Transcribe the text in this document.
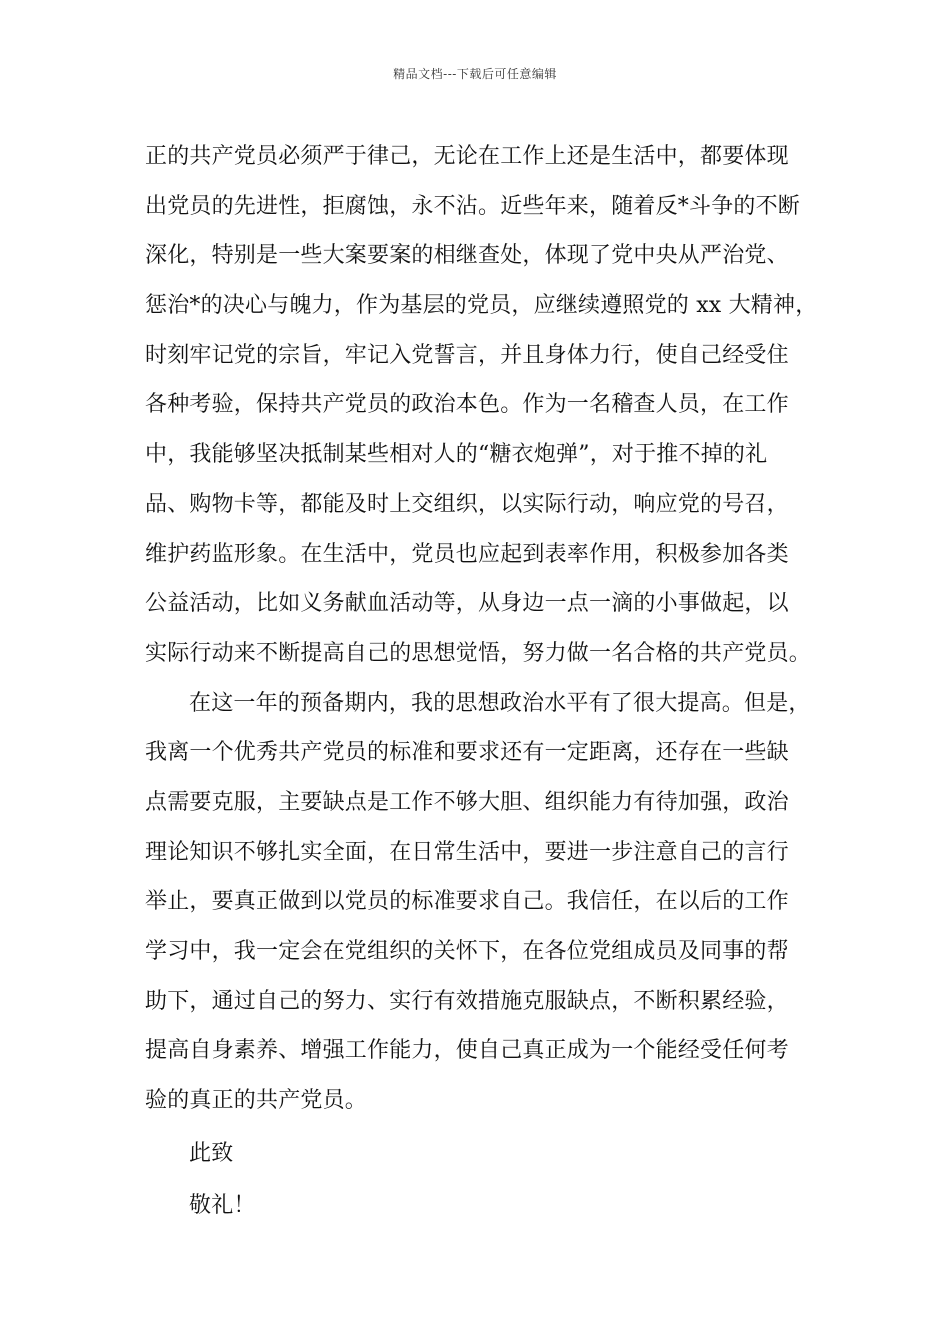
精品文档---下载后可任意编辑
正的共产党员必须严于律己，无论在工作上还是生活中，都要体现
出党员的先进性，拒腐蚀，永不沾。近些年来，随着反*斗争的不断
深化，特别是一些大案要案的相继查处，体现了党中央从严治党、
惩治*的决心与魄力，作为基层的党员，应继续遵照党的 xx 大精神，
时刻牢记党的宗旨，牢记入党誓言，并且身体力行，使自己经受住
各种考验，保持共产党员的政治本色。作为一名稽查人员，在工作
中，我能够坚决抵制某些相对人的“糖衣炮弹”，对于推不掉的礼
品、购物卡等，都能及时上交组织，以实际行动，响应党的号召，
维护药监形象。在生活中，党员也应起到表率作用，积极参加各类
公益活动，比如义务献血活动等，从身边一点一滴的小事做起，以
实际行动来不断提高自己的思想觉悟，努力做一名合格的共产党员。
在这一年的预备期内，我的思想政治水平有了很大提高。但是，
我离一个优秀共产党员的标准和要求还有一定距离，还存在一些缺
点需要克服，主要缺点是工作不够大胆、组织能力有待加强，政治
理论知识不够扎实全面，在日常生活中，要进一步注意自己的言行
举止，要真正做到以党员的标准要求自己。我信任，在以后的工作
学习中，我一定会在党组织的关怀下，在各位党组成员及同事的帮
助下，通过自己的努力、实行有效措施克服缺点，不断积累经验，
提高自身素养、增强工作能力，使自己真正成为一个能经受任何考
验的真正的共产党员。
此致
敬礼！
